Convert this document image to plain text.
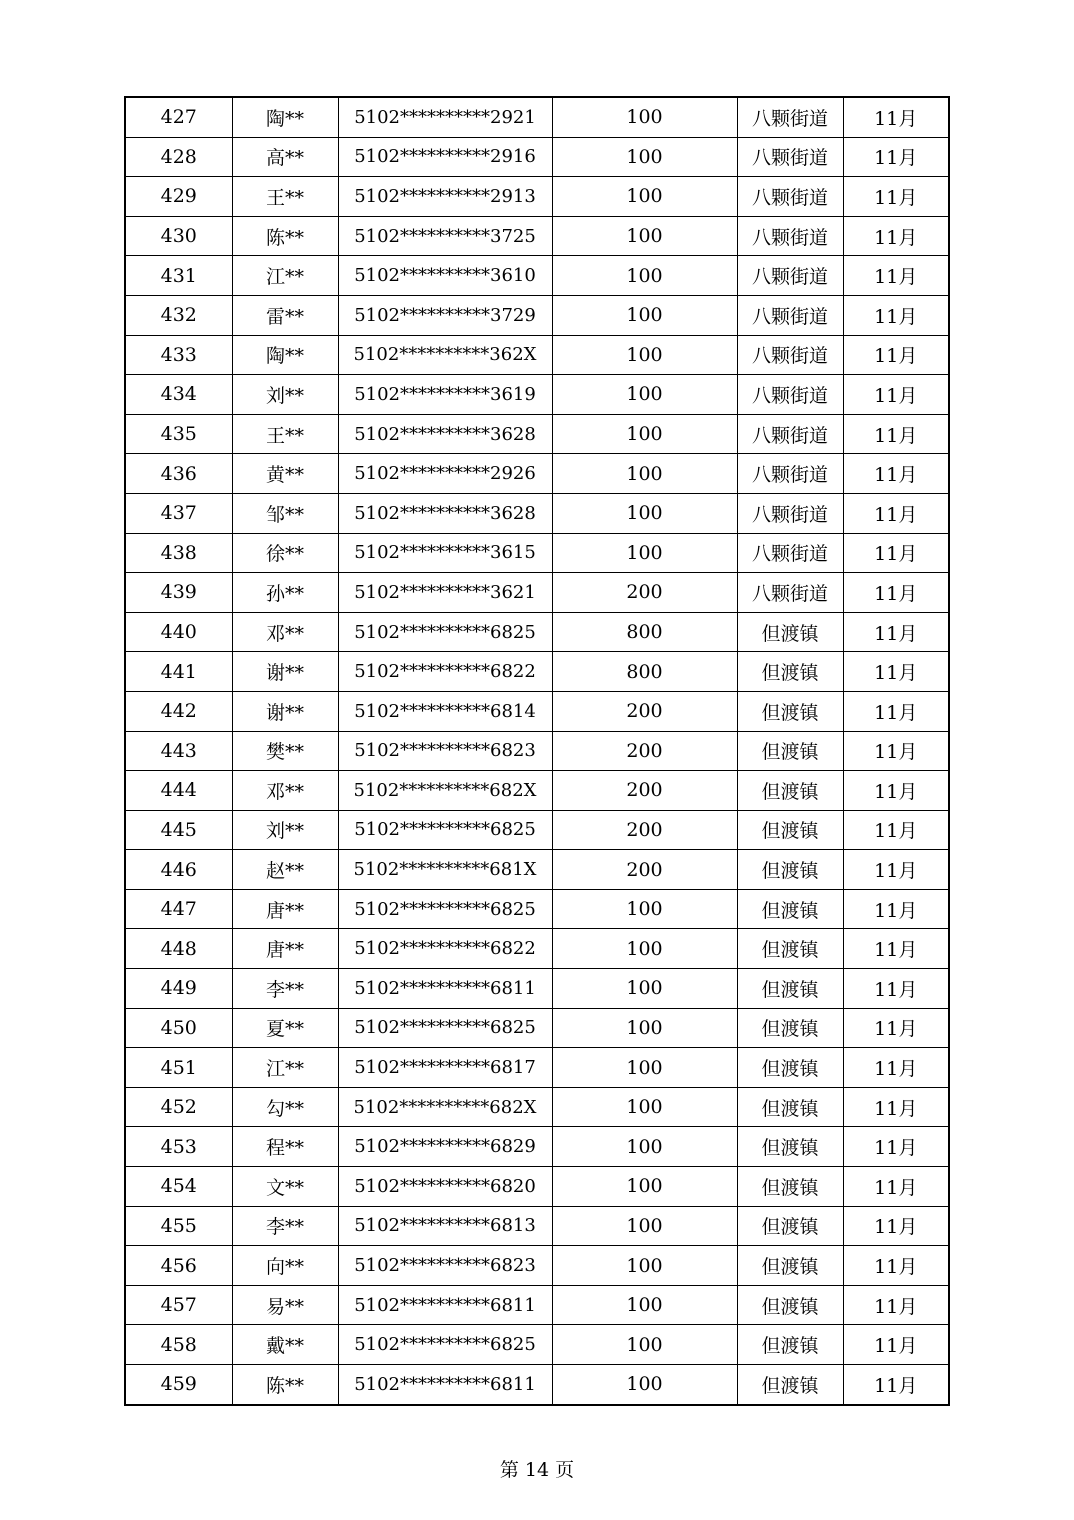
427	陶**	5102**********2921	100	八颗街道	11月
428	高**	5102**********2916	100	八颗街道	11月
429	王**	5102**********2913	100	八颗街道	11月
430	陈**	5102**********3725	100	八颗街道	11月
431	江**	5102**********3610	100	八颗街道	11月
432	雷**	5102**********3729	100	八颗街道	11月
433	陶**	5102**********362X	100	八颗街道	11月
434	刘**	5102**********3619	100	八颗街道	11月
435	王**	5102**********3628	100	八颗街道	11月
436	黄**	5102**********2926	100	八颗街道	11月
437	邹**	5102**********3628	100	八颗街道	11月
438	徐**	5102**********3615	100	八颗街道	11月
439	孙**	5102**********3621	200	八颗街道	11月
440	邓**	5102**********6825	800	但渡镇	11月
441	谢**	5102**********6822	800	但渡镇	11月
442	谢**	5102**********6814	200	但渡镇	11月
443	樊**	5102**********6823	200	但渡镇	11月
444	邓**	5102**********682X	200	但渡镇	11月
445	刘**	5102**********6825	200	但渡镇	11月
446	赵**	5102**********681X	200	但渡镇	11月
447	唐**	5102**********6825	100	但渡镇	11月
448	唐**	5102**********6822	100	但渡镇	11月
449	李**	5102**********6811	100	但渡镇	11月
450	夏**	5102**********6825	100	但渡镇	11月
451	江**	5102**********6817	100	但渡镇	11月
452	勾**	5102**********682X	100	但渡镇	11月
453	程**	5102**********6829	100	但渡镇	11月
454	文**	5102**********6820	100	但渡镇	11月
455	李**	5102**********6813	100	但渡镇	11月
456	向**	5102**********6823	100	但渡镇	11月
457	易**	5102**********6811	100	但渡镇	11月
458	戴**	5102**********6825	100	但渡镇	11月
459	陈**	5102**********6811	100	但渡镇	11月
第 14 页
